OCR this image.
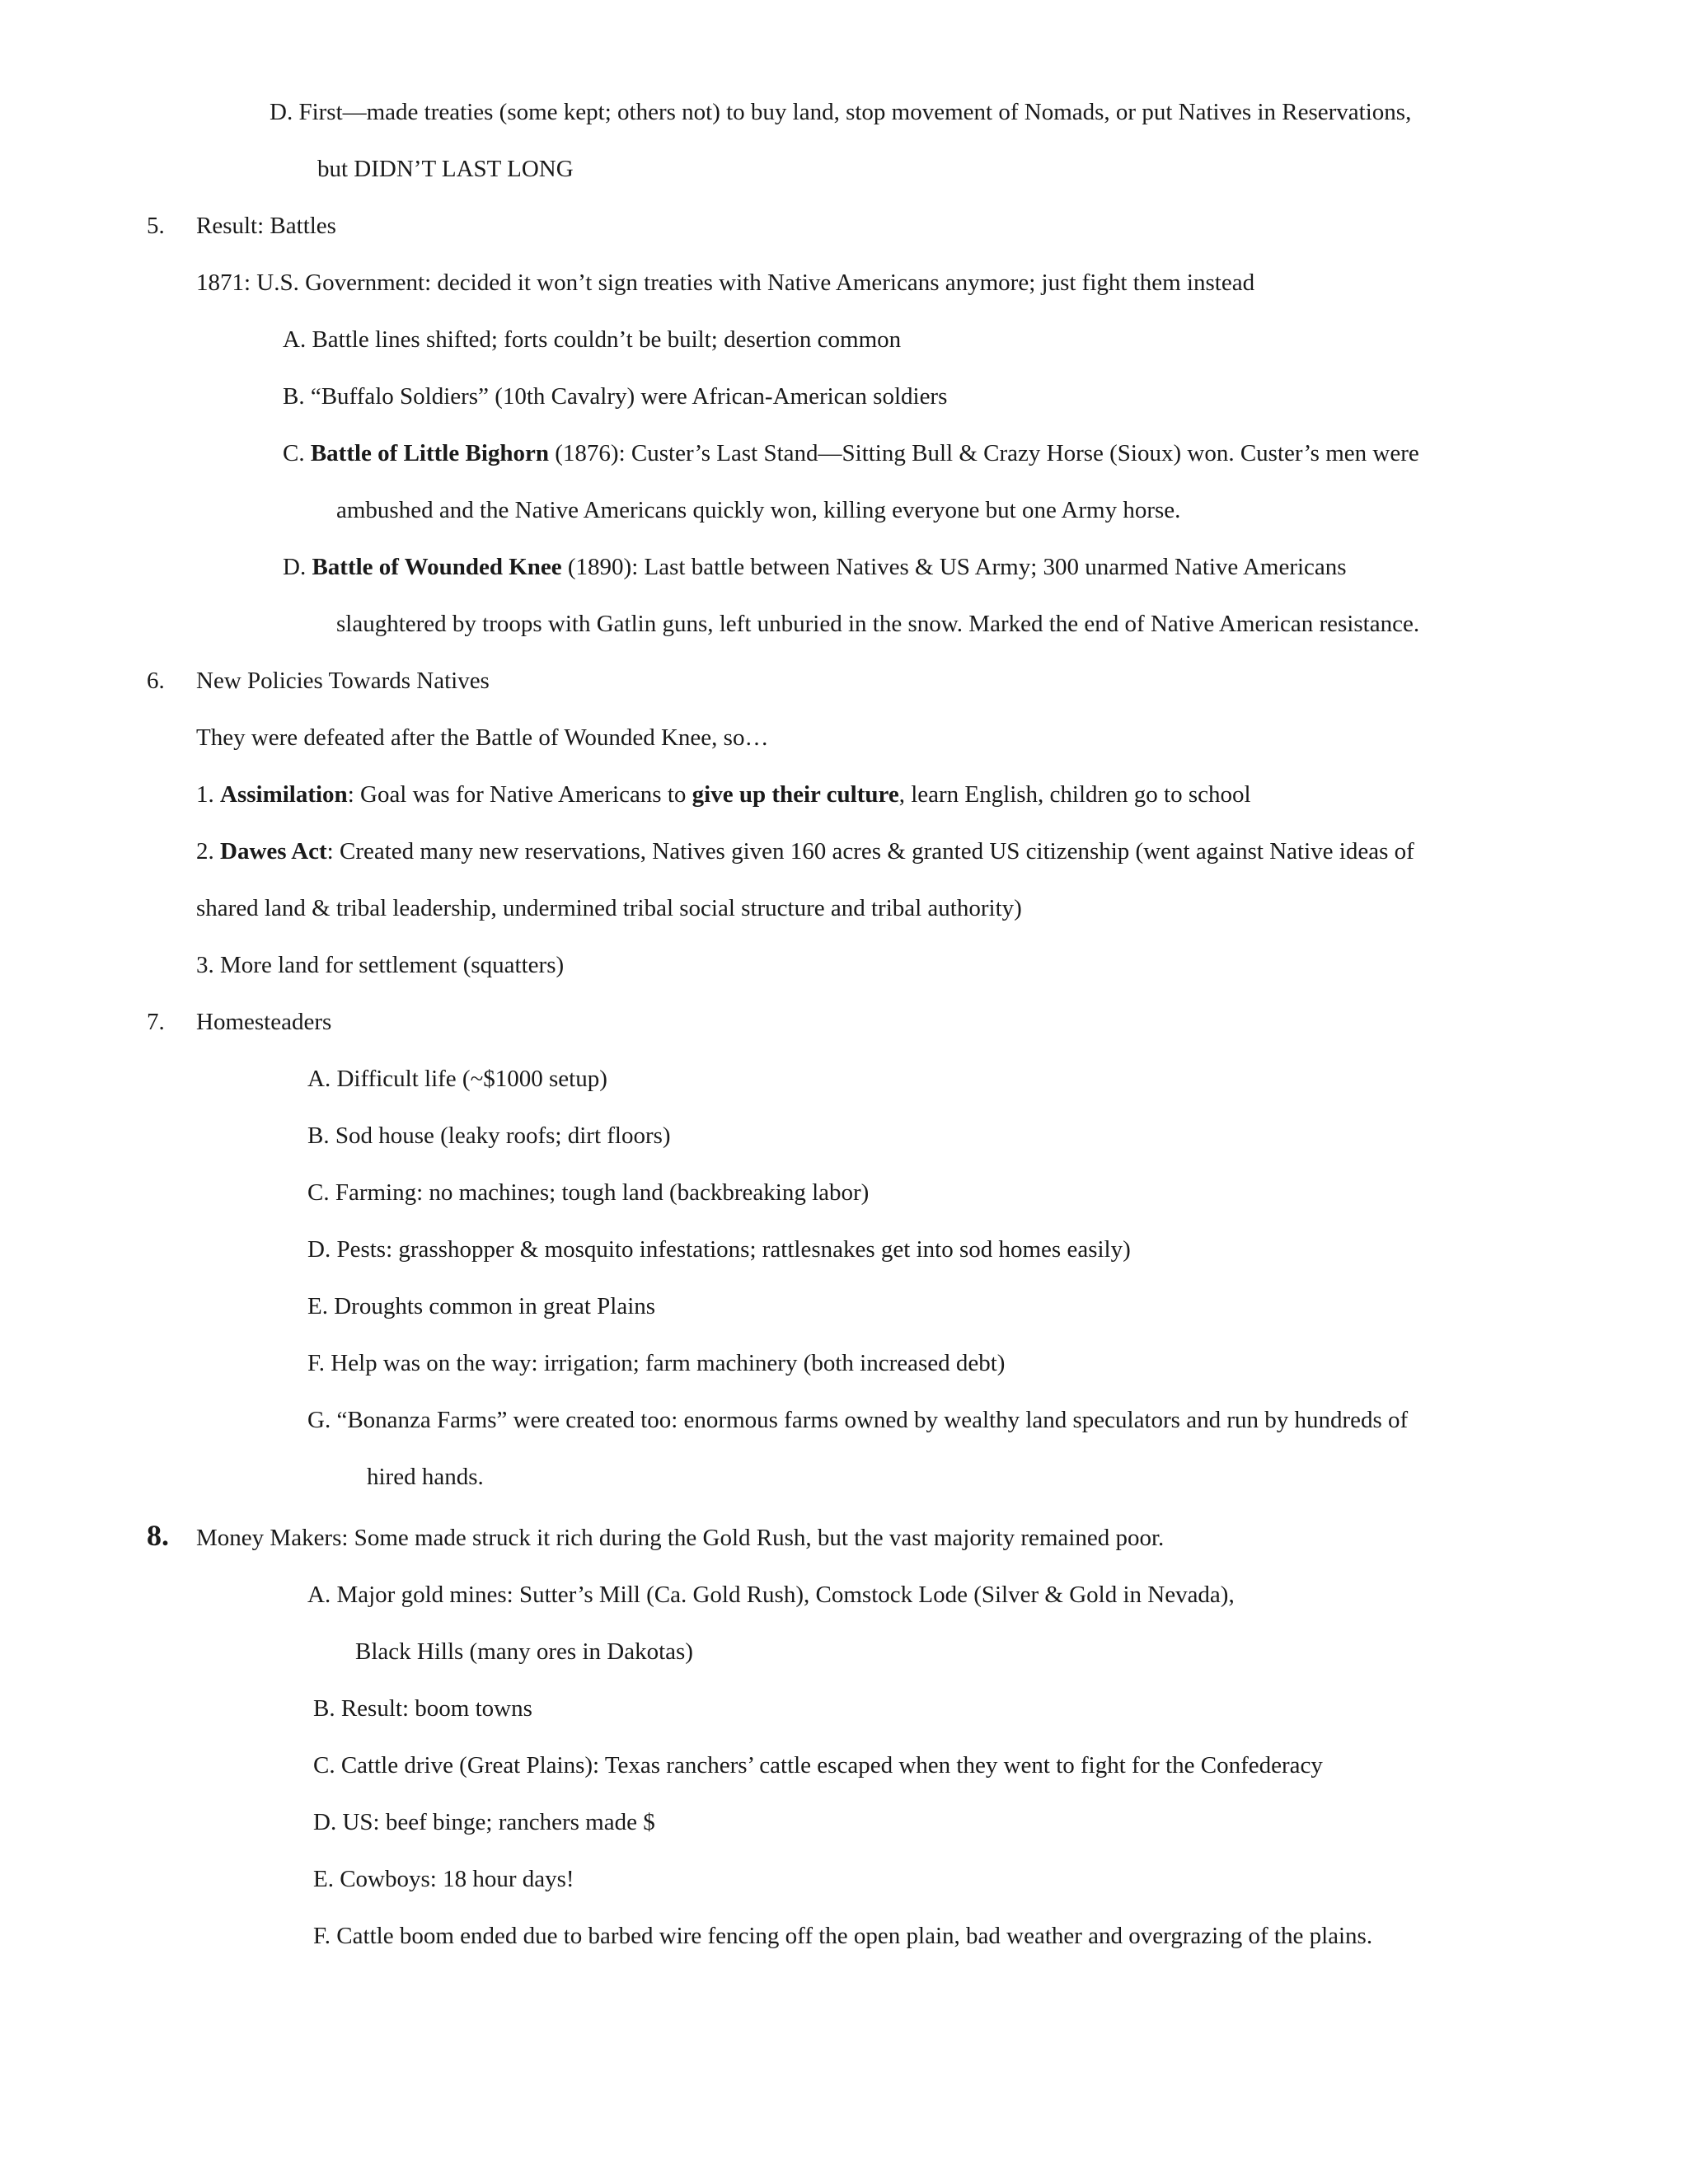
D. First—made treaties (some kept; others not) to buy land, stop movement of Nomads, or put Natives in Reservations,
but DIDN’T LAST LONG
5. Result: Battles
1871: U.S. Government: decided it won’t sign treaties with Native Americans anymore; just fight them instead
A. Battle lines shifted; forts couldn’t be built; desertion common
B. “Buffalo Soldiers” (10th Cavalry) were African-American soldiers
C. Battle of Little Bighorn (1876): Custer’s Last Stand—Sitting Bull & Crazy Horse (Sioux) won. Custer’s men were
ambushed and the Native Americans quickly won, killing everyone but one Army horse.
D. Battle of Wounded Knee (1890): Last battle between Natives & US Army; 300 unarmed Native Americans
slaughtered by troops with Gatlin guns, left unburied in the snow. Marked the end of Native American resistance.
6. New Policies Towards Natives
They were defeated after the Battle of Wounded Knee, so…
1. Assimilation: Goal was for Native Americans to give up their culture, learn English, children go to school
2. Dawes Act: Created many new reservations, Natives given 160 acres & granted US citizenship (went against Native ideas of
shared land & tribal leadership, undermined tribal social structure and tribal authority)
3. More land for settlement (squatters)
7. Homesteaders
A. Difficult life (~$1000 setup)
B. Sod house (leaky roofs; dirt floors)
C. Farming: no machines; tough land (backbreaking labor)
D. Pests: grasshopper & mosquito infestations; rattlesnakes get into sod homes easily)
E. Droughts common in great Plains
F. Help was on the way: irrigation; farm machinery (both increased debt)
G. “Bonanza Farms” were created too: enormous farms owned by wealthy land speculators and run by hundreds of
hired hands.
8. Money Makers: Some made struck it rich during the Gold Rush, but the vast majority remained poor.
A. Major gold mines: Sutter’s Mill (Ca. Gold Rush), Comstock Lode (Silver & Gold in Nevada),
Black Hills (many ores in Dakotas)
B. Result: boom towns
C. Cattle drive (Great Plains): Texas ranchers’ cattle escaped when they went to fight for the Confederacy
D. US: beef binge; ranchers made $
E. Cowboys: 18 hour days!
F. Cattle boom ended due to barbed wire fencing off the open plain, bad weather and overgrazing of the plains.
